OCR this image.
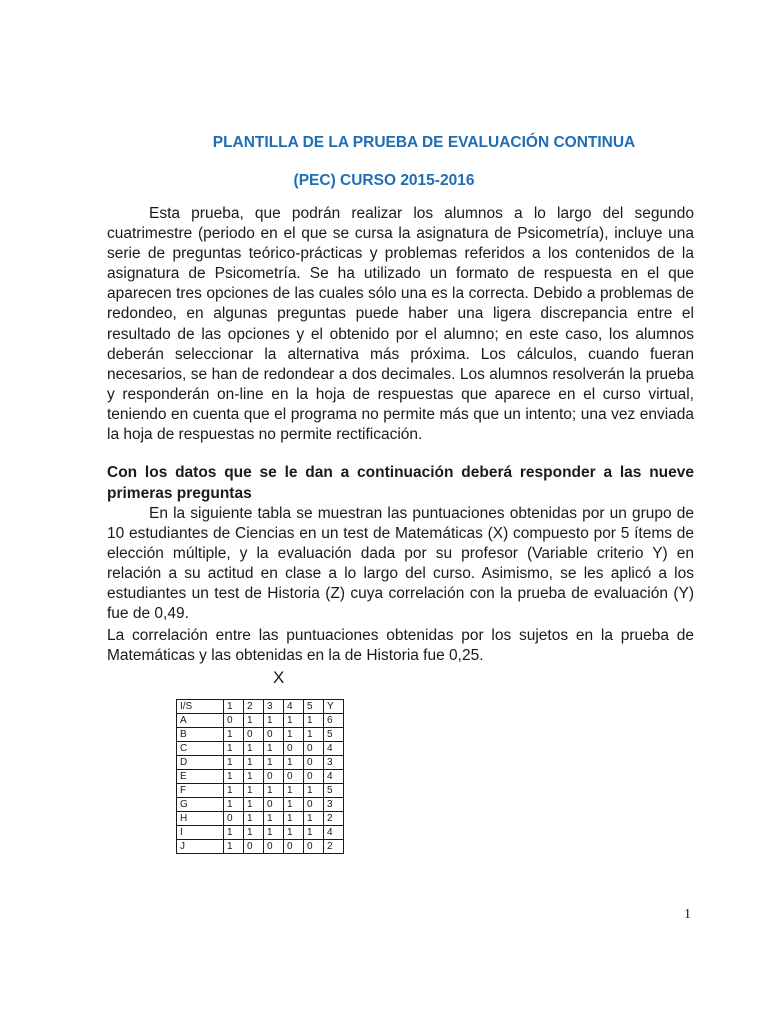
PLANTILLA DE LA PRUEBA DE EVALUACIÓN CONTINUA
(PEC) CURSO 2015-2016

Esta prueba, que podrán realizar los alumnos a lo largo del segundo cuatrimestre (periodo en el que se cursa la asignatura de Psicometría), incluye una serie de preguntas teórico-prácticas y problemas referidos a los contenidos de la asignatura de Psicometría. Se ha utilizado un formato de respuesta en el que aparecen tres opciones de las cuales sólo una es la correcta. Debido a problemas de redondeo, en algunas preguntas puede haber una ligera discrepancia entre el resultado de las opciones y el obtenido por el alumno; en este caso, los alumnos deberán seleccionar la alternativa más próxima. Los cálculos, cuando fueran necesarios, se han de redondear a dos decimales. Los alumnos resolverán la prueba y responderán on-line en la hoja de respuestas que aparece en el curso virtual, teniendo en cuenta que el programa no permite más que un intento; una vez enviada la hoja de respuestas no permite rectificación.

Con los datos que se le dan a continuación deberá responder a las nueve primeras preguntas

En la siguiente tabla se muestran las puntuaciones obtenidas por un grupo de 10 estudiantes de Ciencias en un test de Matemáticas (X) compuesto por 5 ítems de elección múltiple, y la evaluación dada por su profesor (Variable criterio Y) en relación a su actitud en clase a lo largo del curso. Asimismo, se les aplicó a los estudiantes un test de Historia (Z) cuya correlación con la prueba de evaluación (Y) fue de 0,49.

La correlación entre las puntuaciones obtenidas por los sujetos en la prueba de Matemáticas y las obtenidas en la de Historia fue 0,25.

X
I/S	1	2	3	4	5	Y
A	0	1	1	1	1	6
B	1	0	0	1	1	5
C	1	1	1	0	0	4
D	1	1	1	1	0	3
E	1	1	0	0	0	4
F	1	1	1	1	1	5
G	1	1	0	1	0	3
H	0	1	1	1	1	2
I	1	1	1	1	1	4
J	1	0	0	0	0	2
1
